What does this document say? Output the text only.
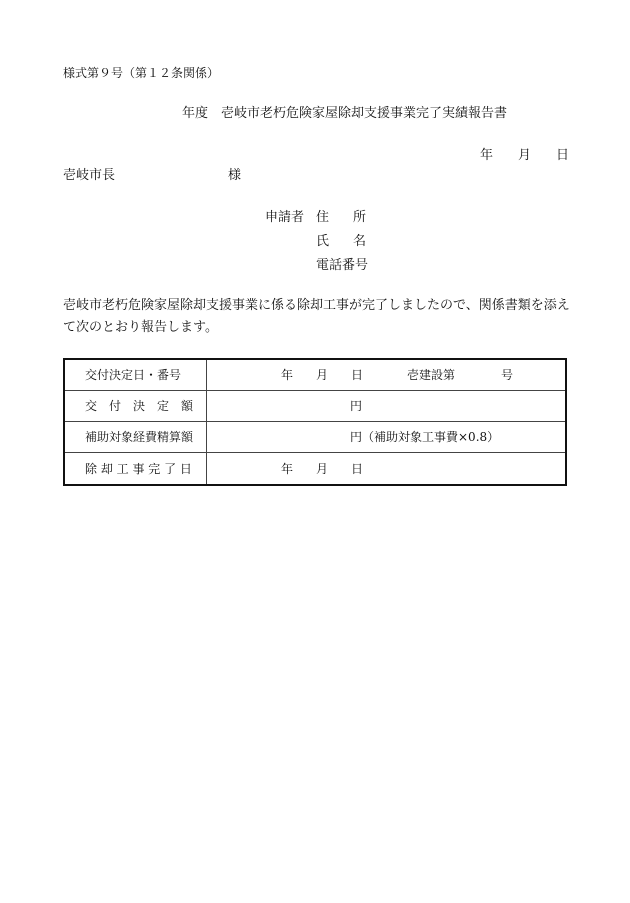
様式第９号（第１２条関係）
年度 壱岐市老朽危険家屋除却支援事業完了実績報告書
年 月 日
壱岐市長	様
申請者 住 所
氏 名
電話番号
壱岐市老朽危険家屋除却支援事業に係る除却工事が完了しましたので、関係書類を添え
て次のとおり報告します。
交付決定日・番号	年 月 日	壱建設第	号
交　付　決　定　額	円
補助対象経費精算額	円（補助対象工事費×0.8）
除 却 工 事 完 了 日	年 月 日
